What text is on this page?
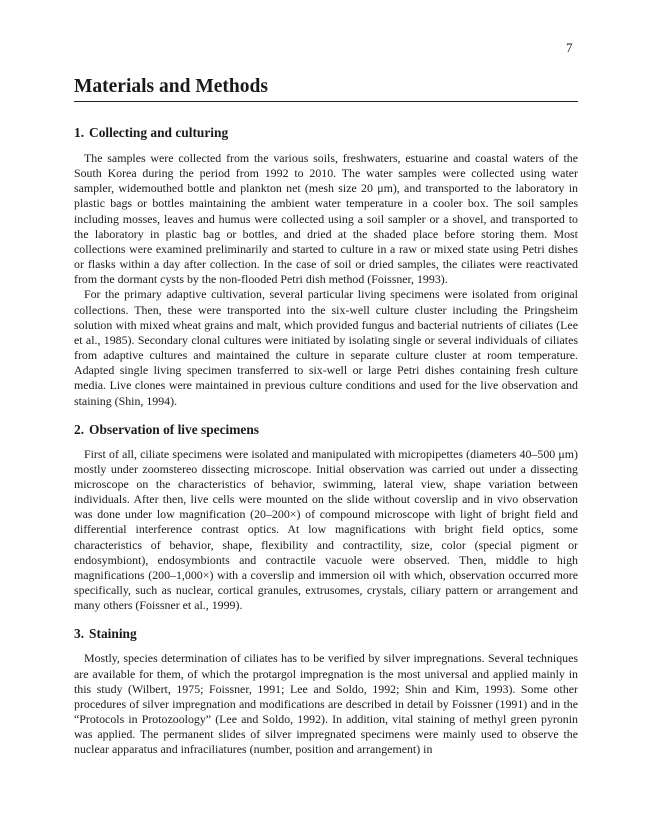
7
Materials and Methods
1. Collecting and culturing

The samples were collected from the various soils, freshwaters, estuarine and coastal waters of the South Korea during the period from 1992 to 2010. The water samples were collected using water sampler, widemouthed bottle and plankton net (mesh size 20 μm), and transported to the laboratory in plastic bags or bottles maintaining the ambient water temperature in a cooler box. The soil samples including mosses, leaves and humus were collected using a soil sampler or a shovel, and transported to the laboratory in plastic bag or bottles, and dried at the shaded place before storing them. Most collections were examined preliminarily and started to culture in a raw or mixed state using Petri dishes or flasks within a day after collection. In the case of soil or dried samples, the ciliates were reactivated from the dormant cysts by the non-flooded Petri dish method (Foissner, 1993).

For the primary adaptive cultivation, several particular living specimens were isolated from original collections. Then, these were transported into the six-well culture cluster including the Pringsheim solution with mixed wheat grains and malt, which provided fungus and bacterial nutrients of ciliates (Lee et al., 1985). Secondary clonal cultures were initiated by isolating single or several individuals of ciliates from adaptive cultures and maintained the culture in separate culture cluster at room temperature. Adapted single living specimen transferred to six-well or large Petri dishes containing fresh culture media. Live clones were maintained in previous culture conditions and used for the live observation and staining (Shin, 1994).

2. Observation of live specimens

First of all, ciliate specimens were isolated and manipulated with micropipettes (diameters 40–500 μm) mostly under zoomstereo dissecting microscope. Initial observation was carried out under a dissecting microscope on the characteristics of behavior, swimming, lateral view, shape variation between individuals. After then, live cells were mounted on the slide without coverslip and in vivo observation was done under low magnification (20–200×) of compound microscope with light of bright field and differential interference contrast optics. At low magnifications with bright field optics, some characteristics of behavior, shape, flexibility and contractility, size, color (special pigment or endosymbiont), endosymbionts and contractile vacuole were observed. Then, middle to high magnifications (200–1,000×) with a coverslip and immersion oil with which, observation occurred more specifically, such as nuclear, cortical granules, extrusomes, crystals, ciliary pattern or arrangement and many others (Foissner et al., 1999).

3. Staining

Mostly, species determination of ciliates has to be verified by silver impregnations. Several techniques are available for them, of which the protargol impregnation is the most universal and applied mainly in this study (Wilbert, 1975; Foissner, 1991; Lee and Soldo, 1992; Shin and Kim, 1993). Some other procedures of silver impregnation and modifications are described in detail by Foissner (1991) and in the “Protocols in Protozoology” (Lee and Soldo, 1992). In addition, vital staining of methyl green pyronin was applied. The permanent slides of silver impregnated specimens were mainly used to observe the nuclear apparatus and infraciliatures (number, position and arrangement) in
